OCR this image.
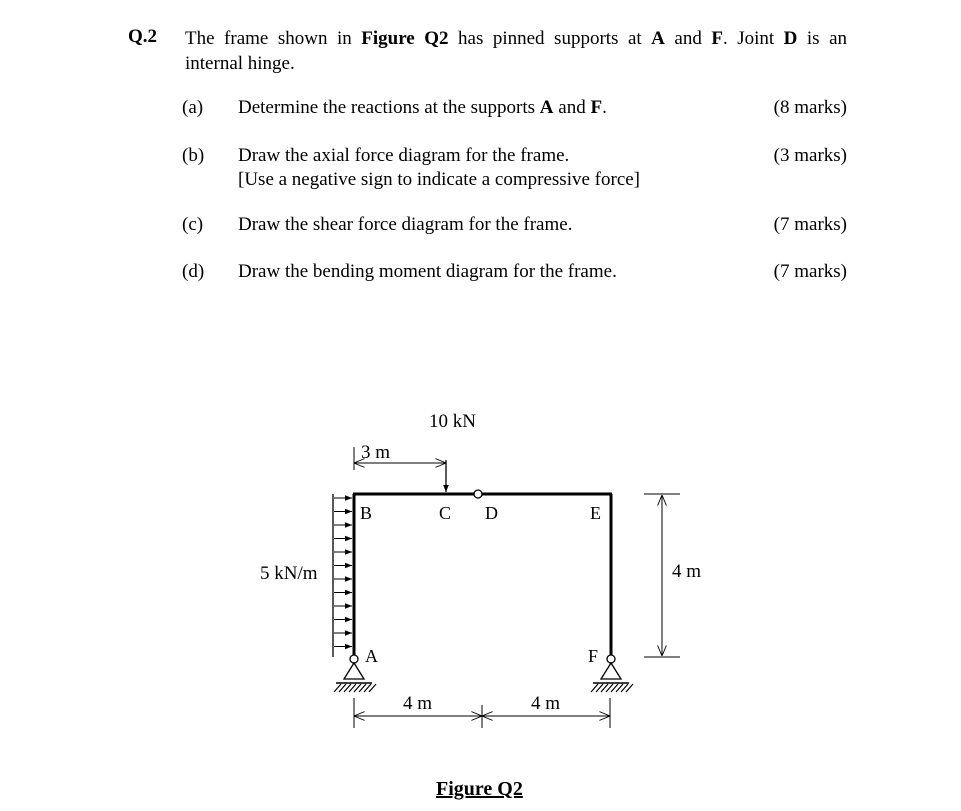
Q.2 The frame shown in Figure Q2 has pinned supports at A and F. Joint D is an
internal hinge.
(a) Determine the reactions at the supports A and F.	(8 marks)
(b) Draw the axial force diagram for the frame.
[Use a negative sign to indicate a compressive force]
(3 marks)
(c) Draw the shear force diagram for the frame.	(7 marks)
(d) Draw the bending moment diagram for the frame.	(7 marks)
10 kN
3 m
5 kN/m	4 m
4 m	4 m
B	C D	E
A	F
Figure Q2
